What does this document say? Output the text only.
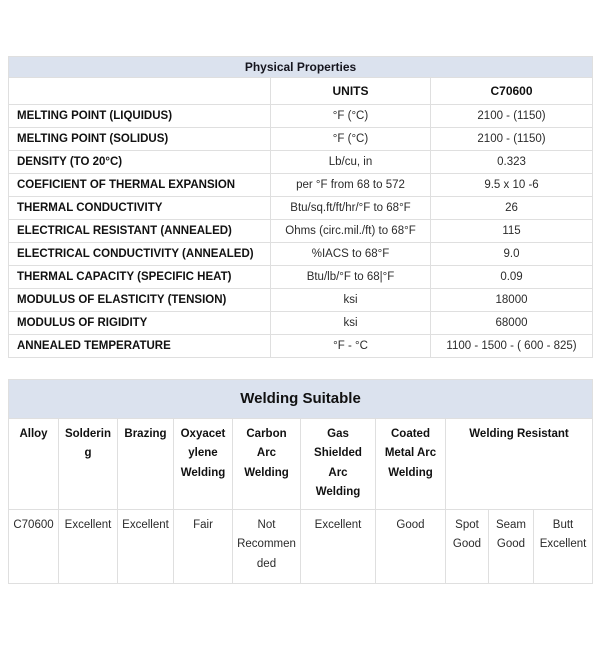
Physical Properties		
	UNITS	C70600
MELTING POINT (LIQUIDUS)	°F (°C)	2100 - (1150)
MELTING POINT (SOLIDUS)	°F (°C)	2100 - (1150)
DENSITY (TO 20°C)	Lb/cu, in	0.323
COEFICIENT OF THERMAL EXPANSION	per °F from 68 to 572	9.5 x 10 -6
THERMAL CONDUCTIVITY	Btu/sq.ft/ft/hr/°F to 68°F	26
ELECTRICAL RESISTANT (ANNEALED)	Ohms (circ.mil./ft) to 68°F	115
ELECTRICAL CONDUCTIVITY (ANNEALED)	%IACS to 68°F	9.0
THERMAL CAPACITY (SPECIFIC HEAT)	Btu/lb/°F to 68|°F	0.09
MODULUS OF ELASTICITY (TENSION)	ksi	18000
MODULUS OF RIGIDITY	ksi	68000
ANNEALED TEMPERATURE	°F - °C	1100 - 1500 - ( 600 - 825)
Welding Suitable									
Alloy	Soldering	Brazing	Oxyacetylene Welding	Carbon Arc Welding	Gas Shielded Arc Welding	Coated Metal Arc Welding	Welding Resistant		
C70600	Excellent	Excellent	Fair	Not Recommended	Excellent	Good	Spot Good	Seam Good	Butt Excellent
